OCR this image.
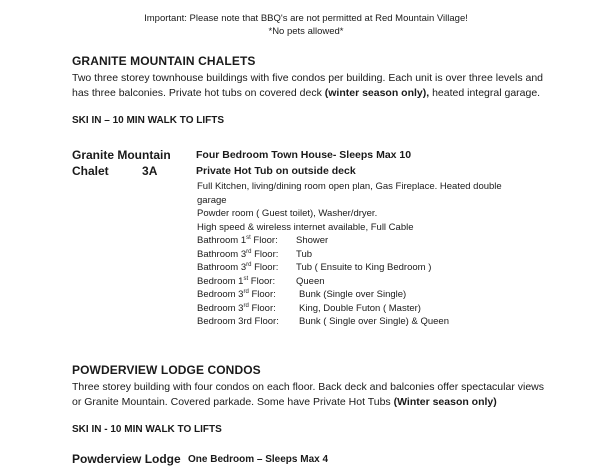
Important: Please note that BBQ's are not permitted at Red Mountain Village!
*No pets allowed*
GRANITE MOUNTAIN CHALETS
Two three storey townhouse buildings with five condos per building. Each unit is over three levels and has three balconies. Private hot tubs on covered deck (winter season only), heated integral garage.
SKI IN – 10 MIN WALK TO LIFTS
Granite Mountain
Chalet          3A
Four Bedroom Town House- Sleeps Max 10
Private Hot Tub on outside deck
Full Kitchen, living/dining room open plan, Gas Fireplace. Heated double garage
Powder room ( Guest toilet), Washer/dryer.
High speed & wireless internet available, Full Cable
Bathroom 1st Floor: Shower
Bathroom 3rd Floor: Tub
Bathroom 3rd Floor: Tub ( Ensuite to King Bedroom )
Bedroom 1st Floor: Queen
Bedroom 3rd Floor: Bunk (Single over Single)
Bedroom 3rd Floor: King, Double Futon ( Master)
Bedroom 3rd Floor: Bunk ( Single over Single) & Queen
POWDERVIEW LODGE CONDOS
Three storey building with four condos on each floor. Back deck and balconies offer spectacular views or Granite Mountain. Covered parkade. Some have Private Hot Tubs (Winter season only)
SKI IN - 10 MIN WALK TO LIFTS
Powderview Lodge One Bedroom – Sleeps Max 4
